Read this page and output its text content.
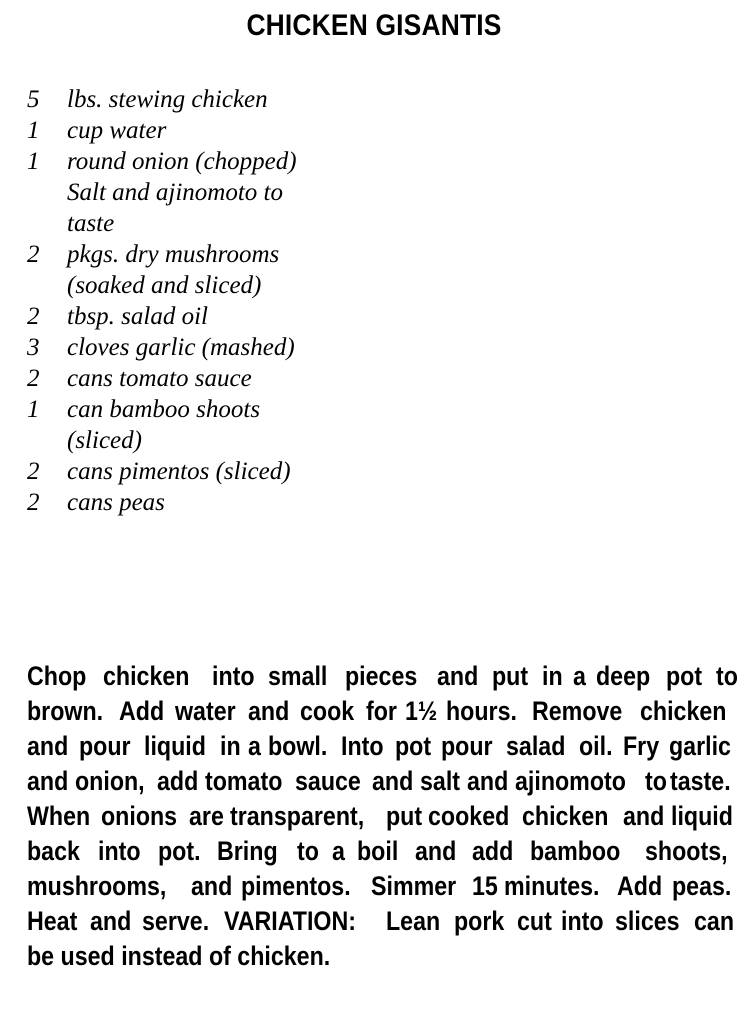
CHICKEN GISANTIS
5	lbs. stewing chicken
1	cup water
1	round onion (chopped)
Salt and ajinomoto to
taste
2	pkgs. dry mushrooms
(soaked and sliced)
2	tbsp. salad oil
3	cloves garlic (mashed)
2	cans tomato sauce
1	can bamboo shoots
(sliced)
2	cans pimentos (sliced)
2	cans peas
Chop chicken into small pieces and put in a deep pot to
brown. Add water and cook for 1½ hours. Remove chicken
and pour liquid in a bowl. Into pot pour salad oil. Fry garlic
and onion, add tomato sauce and salt and ajinomoto to taste.
When onions are transparent, put cooked chicken and liquid
back into pot. Bring to a boil and add bamboo shoots,
mushrooms, and pimentos. Simmer 15 minutes. Add peas.
Heat and serve. VARIATION: Lean pork cut into slices can
be used instead of chicken.
